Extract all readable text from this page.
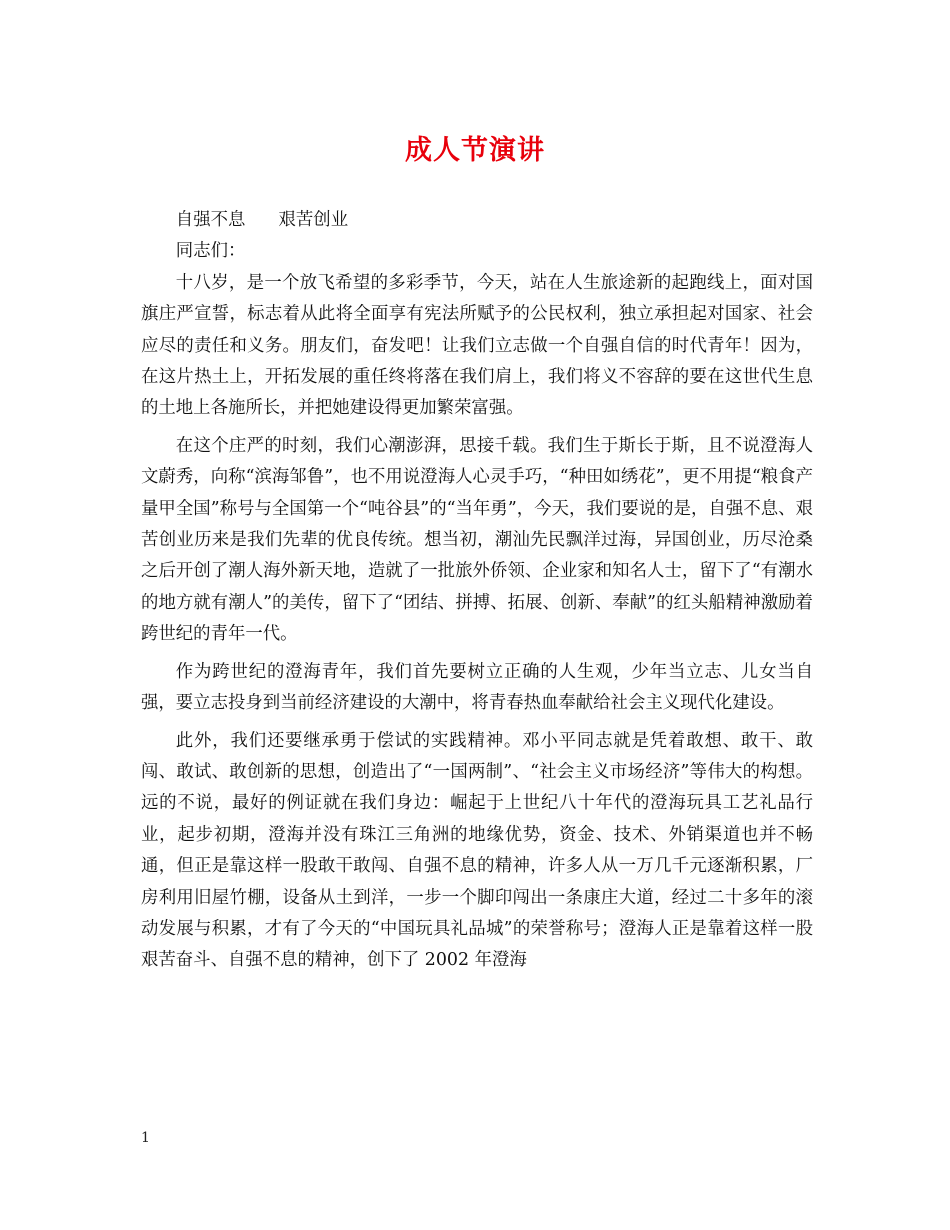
成人节演讲

自强不息      艰苦创业

同志们：

十八岁，是一个放飞希望的多彩季节，今天，站在人生旅途新的起跑线上，面对国旗庄严宣誓，标志着从此将全面享有宪法所赋予的公民权利，独立承担起对国家、社会应尽的责任和义务。朋友们，奋发吧！让我们立志做一个自强自信的时代青年！因为，在这片热土上，开拓发展的重任终将落在我们肩上，我们将义不容辞的要在这世代生息的土地上各施所长，并把她建设得更加繁荣富强。

在这个庄严的时刻，我们心潮澎湃，思接千载。我们生于斯长于斯，且不说澄海人文蔚秀，向称“滨海邹鲁”，也不用说澄海人心灵手巧，“种田如绣花”，更不用提“粮食产量甲全国”称号与全国第一个“吨谷县”的“当年勇”，今天，我们要说的是，自强不息、艰苦创业历来是我们先辈的优良传统。想当初，潮汕先民飘洋过海，异国创业，历尽沧桑之后开创了潮人海外新天地，造就了一批旅外侨领、企业家和知名人士，留下了“有潮水的地方就有潮人”的美传，留下了“团结、拼搏、拓展、创新、奉献”的红头船精神激励着跨世纪的青年一代。

作为跨世纪的澄海青年，我们首先要树立正确的人生观，少年当立志、儿女当自强，要立志投身到当前经济建设的大潮中，将青春热血奉献给社会主义现代化建设。

此外，我们还要继承勇于偿试的实践精神。邓小平同志就是凭着敢想、敢干、敢闯、敢试、敢创新的思想，创造出了“一国两制”、“社会主义市场经济”等伟大的构想。远的不说，最好的例证就在我们身边：崛起于上世纪八十年代的澄海玩具工艺礼品行业，起步初期，澄海并没有珠江三角洲的地缘优势，资金、技术、外销渠道也并不畅通，但正是靠这样一股敢干敢闯、自强不息的精神，许多人从一万几千元逐渐积累，厂房利用旧屋竹棚，设备从土到洋，一步一个脚印闯出一条康庄大道，经过二十多年的滚动发展与积累，才有了今天的“中国玩具礼品城”的荣誉称号；澄海人正是靠着这样一股艰苦奋斗、自强不息的精神，创下了 2002 年澄海

1
